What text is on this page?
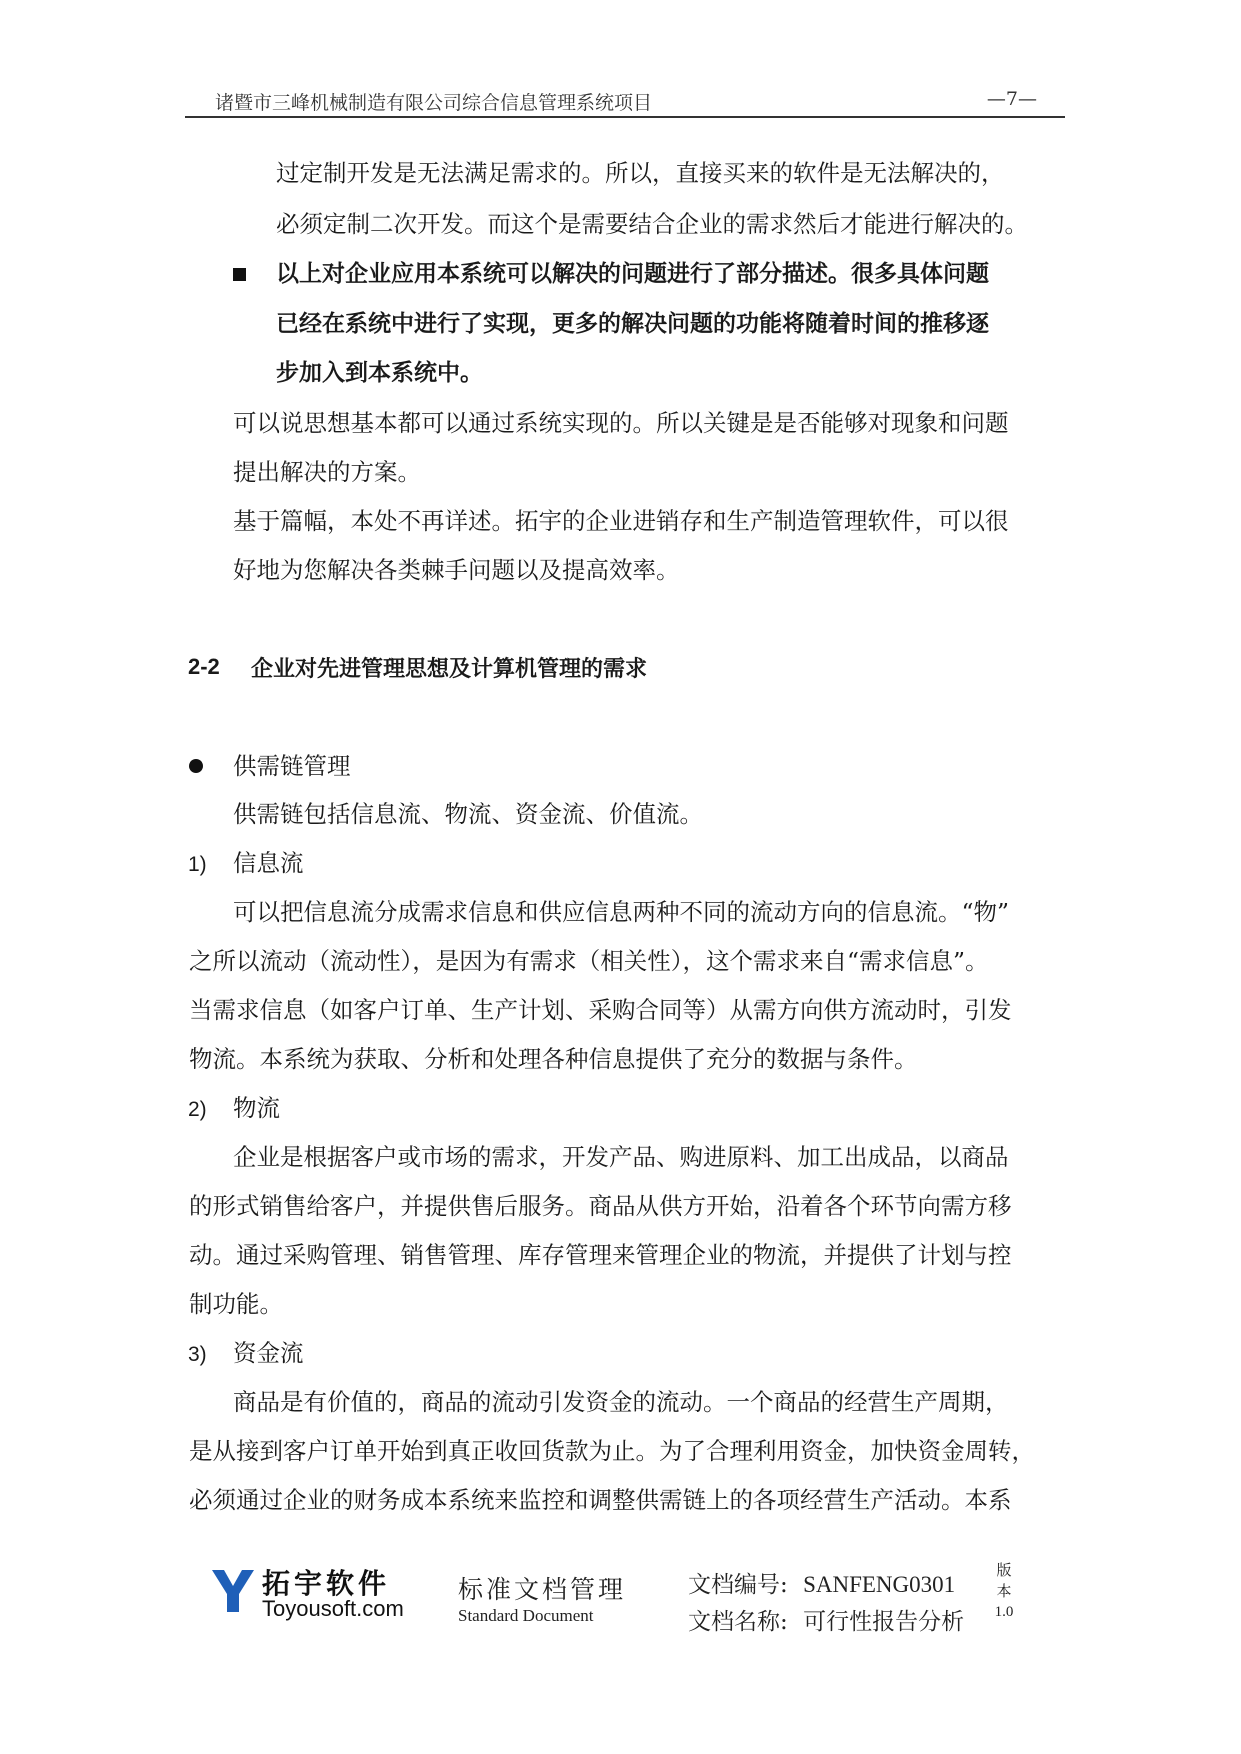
诸暨市三峰机械制造有限公司综合信息管理系统项目	—7—
过定制开发是无法满足需求的。所以，直接买来的软件是无法解决的，
必须定制二次开发。而这个是需要结合企业的需求然后才能进行解决的。
以上对企业应用本系统可以解决的问题进行了部分描述。很多具体问题
已经在系统中进行了实现，更多的解决问题的功能将随着时间的推移逐
步加入到本系统中。
可以说思想基本都可以通过系统实现的。所以关键是是否能够对现象和问题
提出解决的方案。
基于篇幅，本处不再详述。拓宇的企业进销存和生产制造管理软件，可以很
好地为您解决各类棘手问题以及提高效率。
2-2 企业对先进管理思想及计算机管理的需求
供需链管理
供需链包括信息流、物流、资金流、价值流。
1) 信息流
可以把信息流分成需求信息和供应信息两种不同的流动方向的信息流。“物”
之所以流动（流动性），是因为有需求（相关性），这个需求来自“需求信息”。
当需求信息（如客户订单、生产计划、采购合同等）从需方向供方流动时，引发
物流。本系统为获取、分析和处理各种信息提供了充分的数据与条件。
2) 物流
企业是根据客户或市场的需求，开发产品、购进原料、加工出成品，以商品
的形式销售给客户，并提供售后服务。商品从供方开始，沿着各个环节向需方移
动。通过采购管理、销售管理、库存管理来管理企业的物流，并提供了计划与控
制功能。
3) 资金流
商品是有价值的，商品的流动引发资金的流动。一个商品的经营生产周期，
是从接到客户订单开始到真正收回货款为止。为了合理利用资金，加快资金周转，
必须通过企业的财务成本系统来监控和调整供需链上的各项经营生产活动。本系
拓宇软件
Toyousoft.com
标准文档管理
Standard Document
文档编号: SANFENG0301
文档名称: 可行性报告分析
版
本
1.0
